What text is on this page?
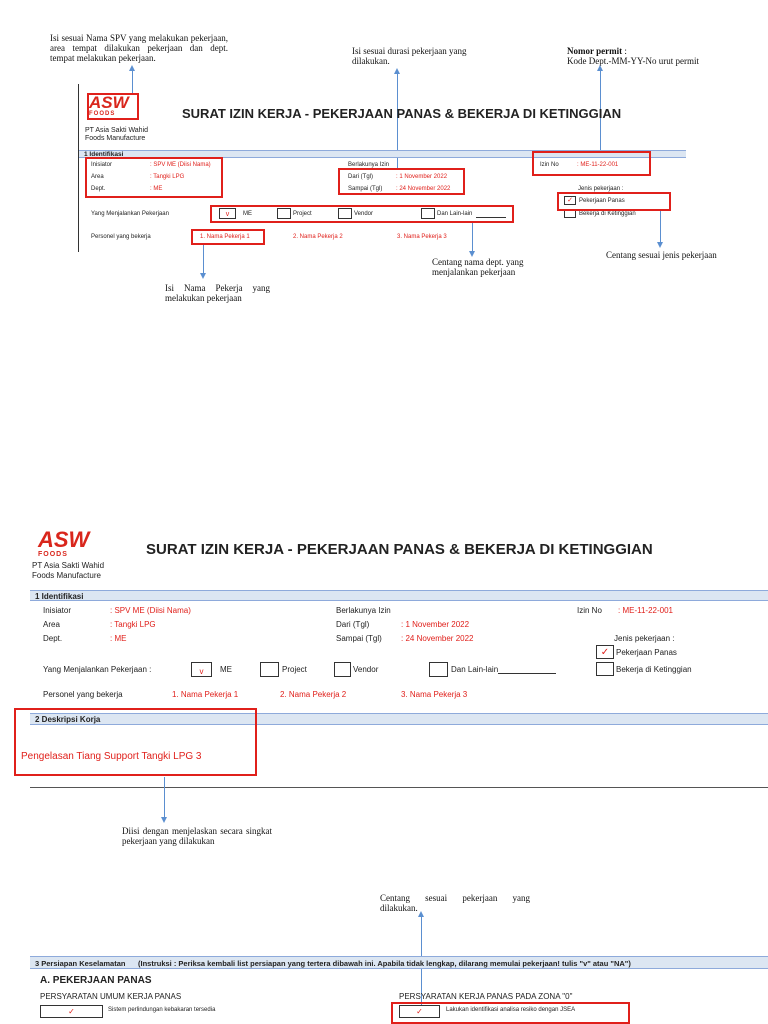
Isi sesuai Nama SPV yang melakukan pekerjaan, area tempat dilakukan pekerjaan dan dept. tempat melakukan pekerjaan.
Isi sesuai durasi pekerjaan yang dilakukan.
Nomor permit :
Kode Dept.-MM-YY-No urut permit
ASW
FOODS
PT Asia Sakti Wahid
Foods Manufacture
SURAT IZIN KERJA - PEKERJAAN PANAS & BEKERJA DI KETINGGIAN
1 Identifikasi
Inisiator	: SPV ME (Diisi Nama)
Area	: Tangki LPG
Dept.	: ME
Berlakunya Izin
Dari (Tgl)	: 1 November 2022
Sampai (Tgl) : 24 November 2022
Izin No	: ME-11-22-001
Jenis pekerjaan :
✓	Pekerjaan Panas
Bekerja di Ketinggian
Yang Menjalankan Pekerjaan	v	ME	Project	Vendor	Dan Lain-lain
Personel yang bekerja	1. Nama Pekerja 1	2. Nama Pekerja 2	3. Nama Pekerja 3
Isi Nama Pekerja yang melakukan pekerjaan
Centang nama dept. yang menjalankan pekerjaan
Centang sesuai jenis pekerjaan
ASW
FOODS
PT Asia Sakti Wahid
Foods Manufacture
SURAT IZIN KERJA - PEKERJAAN PANAS & BEKERJA DI KETINGGIAN
1 Identifikasi
Inisiator	: SPV ME (Diisi Nama)
Area	: Tangki LPG
Dept.	: ME
Berlakunya Izin
Dari (Tgl)	: 1 November 2022
Sampai (Tgl) : 24 November 2022
Izin No : ME-11-22-001
Jenis pekerjaan :
✓ Pekerjaan Panas
Bekerja di Ketinggian
Yang Menjalankan Pekerjaan :	v	ME	Project	Vendor	Dan Lain-lain
Personel yang bekerja	1. Nama Pekerja 1	2. Nama Pekerja 2	3. Nama Pekerja 3
2 Deskripsi Korja
Pengelasan Tiang Support Tangki LPG 3
Diisi dengan menjelaskan secara singkat pekerjaan yang dilakukan
Centang sesuai pekerjaan yang dilakukan.
3 Persiapan Keselamatan (Instruksi : Periksa kembali list persiapan yang tertera dibawah ini. Apabila tidak lengkap, dilarang memulai pekerjaan! tulis "v" atau "NA")
A. PEKERJAAN PANAS
PERSYARATAN UMUM KERJA PANAS	PERSYARATAN KERJA PANAS PADA ZONA "0"
✓	Sistem perlindungan kebakaran tersedia	✓	Lakukan identifikasi analisa resiko dengan JSEA
